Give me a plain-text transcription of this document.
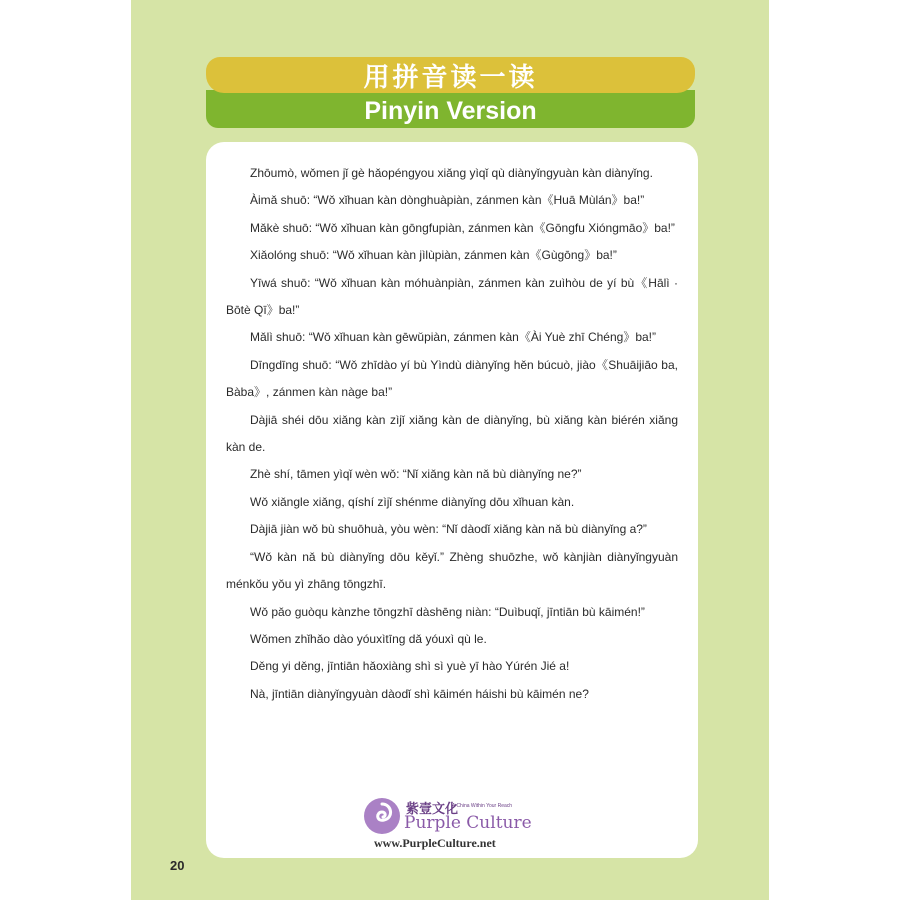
用拼音读一读
Pinyin Version

Zhōumò, wǒmen jǐ gè hǎopéngyou xiǎng yìqǐ qù diànyǐngyuàn kàn diànyǐng.

Àimǎ shuō: “Wǒ xǐhuan kàn dònghuàpiàn, zánmen kàn《Huā Mùlán》ba!”

Mǎkè shuō: “Wǒ xǐhuan kàn gōngfupiàn, zánmen kàn《Gōngfu Xióngmāo》ba!”

Xiǎolóng shuō: “Wǒ xǐhuan kàn jìlùpiàn, zánmen kàn《Gùgōng》ba!”

Yīwá shuō: “Wǒ xǐhuan kàn móhuànpiàn, zánmen kàn zuìhòu de yí bù《Hālì · Bōtè Qī》ba!”

Mǎlì shuō: “Wǒ xǐhuan kàn gēwǔpiàn, zánmen kàn《Ài Yuè zhī Chéng》ba!”

Dīngdīng shuō: “Wǒ zhīdào yí bù Yìndù diànyǐng hěn búcuò, jiào《Shuāijiāo ba, Bàba》, zánmen kàn nàge ba!”

Dàjiā shéi dōu xiǎng kàn zìjǐ xiǎng kàn de diànyǐng, bù xiǎng kàn biérén xiǎng kàn de.

Zhè shí, tāmen yìqǐ wèn wǒ: “Nǐ xiǎng kàn nǎ bù diànyǐng ne?”

Wǒ xiǎngle xiǎng, qíshí zìjǐ shénme diànyǐng dōu xǐhuan kàn.

Dàjiā jiàn wǒ bù shuōhuà, yòu wèn: “Nǐ dàodǐ xiǎng kàn nǎ bù diànyǐng a?”

“Wǒ kàn nǎ bù diànyǐng dōu kěyǐ.” Zhèng shuōzhe, wǒ kànjiàn diànyǐngyuàn ménkǒu yǒu yì zhāng tōngzhī.

Wǒ pǎo guòqu kànzhe tōngzhī dàshēng niàn: “Duìbuqǐ, jīntiān bù kāimén!”

Wǒmen zhǐhǎo dào yóuxìtīng dǎ yóuxì qù le.

Děng yi děng, jīntiān hǎoxiàng shì sì yuè yī hào Yúrén Jié a!

Nà, jīntiān diànyǐngyuàn dàodǐ shì kāimén háishi bù kāimén ne?

紫壹文化
A China Within Your Reach
Purple Culture
www.PurpleCulture.net
20
